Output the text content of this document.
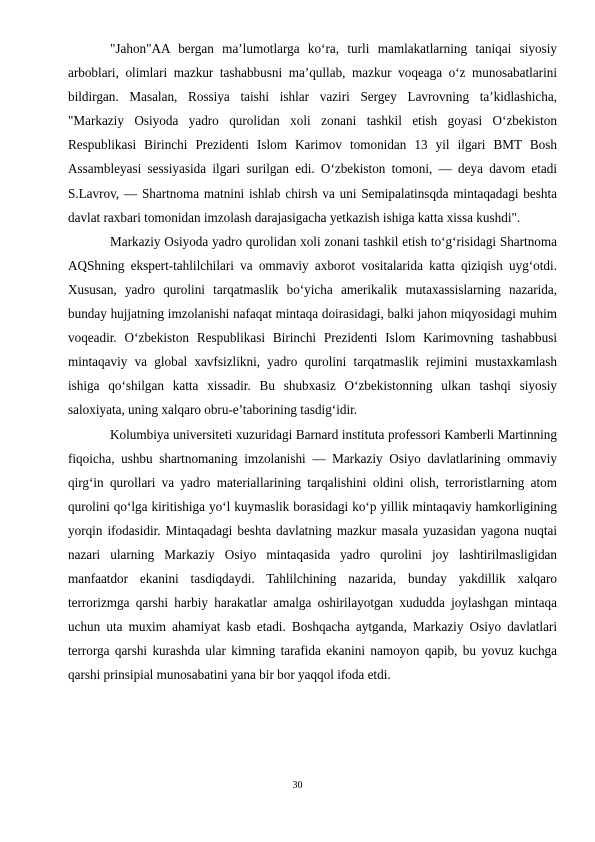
"Jahon"AA bergan ma’lumotlarga ko‘ra, turli mamlakatlarning taniqai siyosiy arboblari, olimlari mazkur tashabbusni ma’qullab, mazkur voqeaga o‘z munosabatlarini bildirgan. Masalan, Rossiya taishi ishlar vaziri Sergey Lavrovning ta’kidlashicha, "Markaziy Osiyoda yadro qurolidan xoli zonani tashkil etish goyasi O‘zbekiston Respublikasi Birinchi Prezidenti Islom Karimov tomonidan 13 yil ilgari BMT Bosh Assambleyasi sessiyasida ilgari surilgan edi. O‘zbekiston tomoni, — deya davom etadi S.Lavrov, — Shartnoma matnini ishlab chirsh va uni Semipalatinsqda mintaqadagi beshta davlat raxbari tomonidan imzolash darajasigacha yetkazish ishiga katta xissa kushdi".

Markaziy Osiyoda yadro qurolidan xoli zonani tashkil etish to‘g‘risidagi Shartnoma AQShning ekspert-tahlilchilari va ommaviy axborot vositalarida katta qiziqish uyg‘otdi. Xususan, yadro qurolini tarqatmaslik bo‘yicha amerikalik mutaxassislarning nazarida, bunday hujjatning imzolanishi nafaqat mintaqa doirasidagi, balki jahon miqyosidagi muhim voqeadir. O‘zbekiston Respublikasi Birinchi Prezidenti Islom Karimovning tashabbusi mintaqaviy va global xavfsizlikni, yadro qurolini tarqatmaslik rejimini mustaxkamlash ishiga qo‘shilgan katta xissadir. Bu shubxasiz O‘zbekistonning ulkan tashqi siyosiy saloxiyata, uning xalqaro obru-e’taborining tasdig‘idir.

Kolumbiya universiteti xuzuridagi Barnard instituta professori Kamberli Martinning fiqoicha, ushbu shartnomaning imzolanishi — Markaziy Osiyo davlatlarining ommaviy qirg‘in qurollari va yadro materiallarining tarqalishini oldini olish, terroristlarning atom qurolini qo‘lga kiritishiga yo‘l kuymaslik borasidagi ko‘p yillik mintaqaviy hamkorligining yorqin ifodasidir. Mintaqadagi beshta davlatning mazkur masala yuzasidan yagona nuqtai nazari ularning Markaziy Osiyo mintaqasida yadro qurolini joy lashtirilmasligidan manfaatdor ekanini tasdiqdaydi. Tahlilchining nazarida, bunday yakdillik xalqaro terrorizmga qarshi harbiy harakatlar amalga oshirilayotgan xududda joylashgan mintaqa uchun uta muxim ahamiyat kasb etadi. Boshqacha aytganda, Markaziy Osiyo davlatlari terrorga qarshi kurashda ular kimning tarafida ekanini namoyon qapib, bu yovuz kuchga qarshi prinsipial munosabatini yana bir bor yaqqol ifoda etdi.

30
